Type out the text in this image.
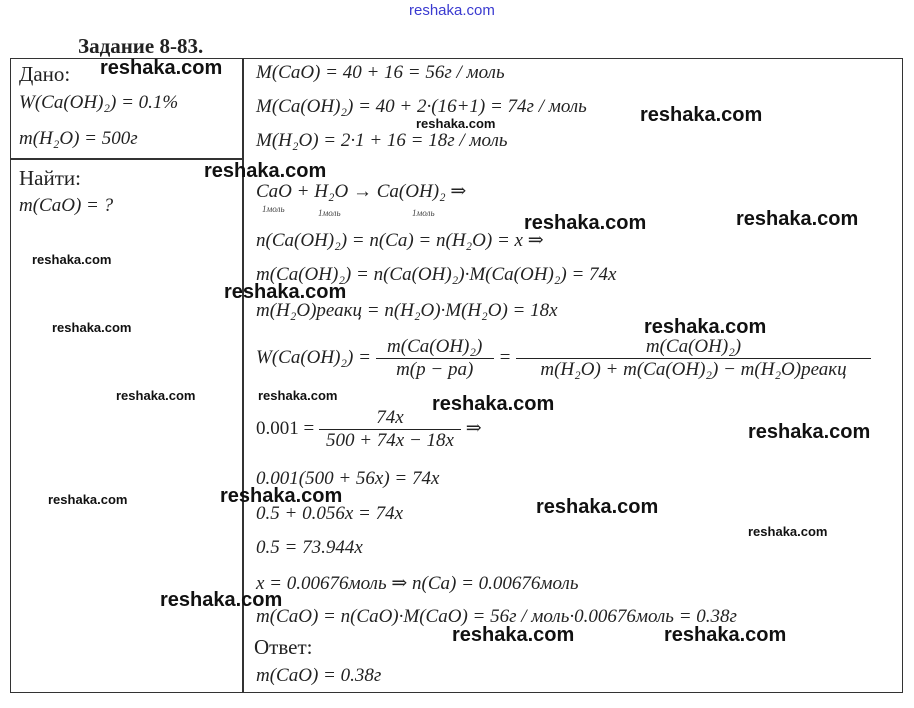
reshaka.com
Задание 8-83.
Дано:
W(Ca(OH)₂) = 0.1%
m(H₂O) = 500г
Найти:
m(CaO) = ?
M(CaO) = 40 + 16 = 56г / моль
M(Ca(OH)₂) = 40 + 2·(16+1) = 74г / моль
M(H₂O) = 2·1 + 16 = 18г / моль
CaO + H₂O → Ca(OH)₂ ⇒
1моль	1моль	1моль
n(Ca(OH)₂) = n(Ca) = n(H₂O) = x ⇒
m(Ca(OH)₂) = n(Ca(OH)₂)·M(Ca(OH)₂) = 74x
m(H₂O)реакц = n(H₂O)·M(H₂O) = 18x
$W(Ca(OH)_2) = \frac{\text{m(Ca(OH)₂)}}{m(р - ра)} = \frac{\text{m(Ca(OH)₂)}}{\text{m(H₂O) + m(Ca(OH)₂) − m(H₂O)реакц}}$
$0.001 = \frac{74x}{500 + 74x - 18x}$ ⇒
0.001(500 + 56x) = 74x
0.5 + 0.056x = 74x
0.5 = 73.944x
x = 0.00676моль ⇒ n(Ca) = 0.00676моль
m(CaO) = n(CaO)·M(CaO) = 56г / моль·0.00676моль = 0.38г
Ответ:
m(CaO) = 0.38г
reshaka.com
reshaka.com	reshaka.com
reshaka.com
reshaka.com	reshaka.com
reshaka.com
reshaka.com
reshaka.com	reshaka.com
reshaka.com	reshaka.com	reshaka.com
reshaka.com
reshaka.com
reshaka.com	reshaka.com
reshaka.com
reshaka.com
reshaka.com	reshaka.com
